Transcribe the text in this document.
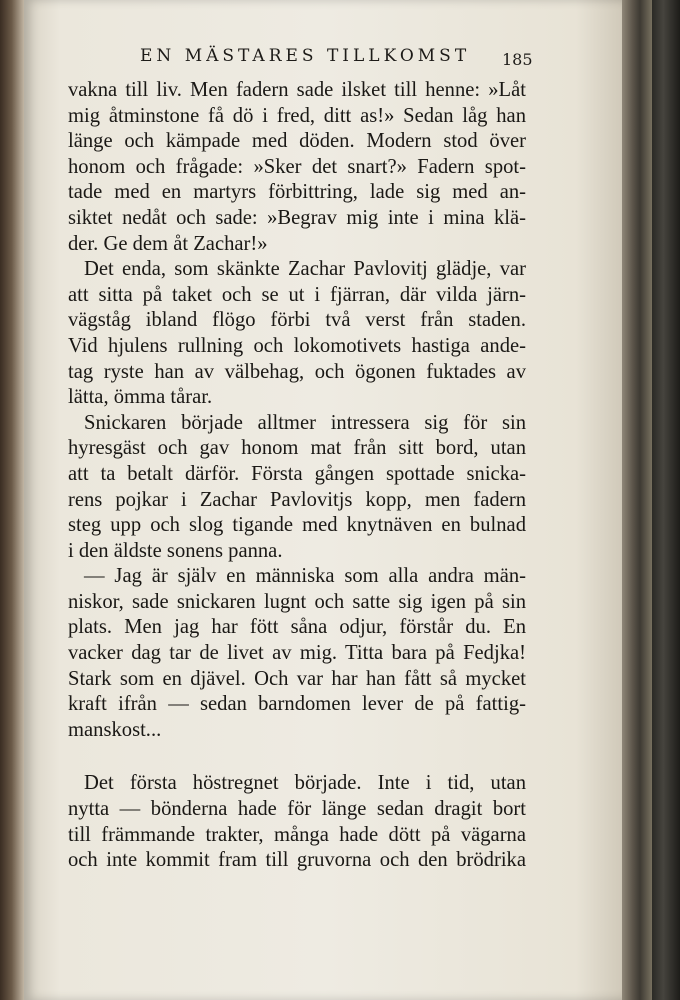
EN MÄSTARES TILLKOMST	185
vakna till liv. Men fadern sade ilsket till henne: »Låt
mig åtminstone få dö i fred, ditt as!» Sedan låg han
länge och kämpade med döden. Modern stod över
honom och frågade: »Sker det snart?» Fadern spot-
tade med en martyrs förbittring, lade sig med an-
siktet nedåt och sade: »Begrav mig inte i mina klä-
der. Ge dem åt Zachar!»
Det enda, som skänkte Zachar Pavlovitj glädje, var
att sitta på taket och se ut i fjärran, där vilda järn-
vägståg ibland flögo förbi två verst från staden.
Vid hjulens rullning och lokomotivets hastiga ande-
tag ryste han av välbehag, och ögonen fuktades av
lätta, ömma tårar.
Snickaren började alltmer intressera sig för sin
hyresgäst och gav honom mat från sitt bord, utan
att ta betalt därför. Första gången spottade snicka-
rens pojkar i Zachar Pavlovitjs kopp, men fadern
steg upp och slog tigande med knytnäven en bulnad
i den äldste sonens panna.
— Jag är själv en människa som alla andra män-
niskor, sade snickaren lugnt och satte sig igen på sin
plats. Men jag har fött såna odjur, förstår du. En
vacker dag tar de livet av mig. Titta bara på Fedjka!
Stark som en djävel. Och var har han fått så mycket
kraft ifrån — sedan barndomen lever de på fattig-
manskost...
Det första höstregnet började. Inte i tid, utan
nytta — bönderna hade för länge sedan dragit bort
till främmande trakter, många hade dött på vägarna
och inte kommit fram till gruvorna och den brödrika
